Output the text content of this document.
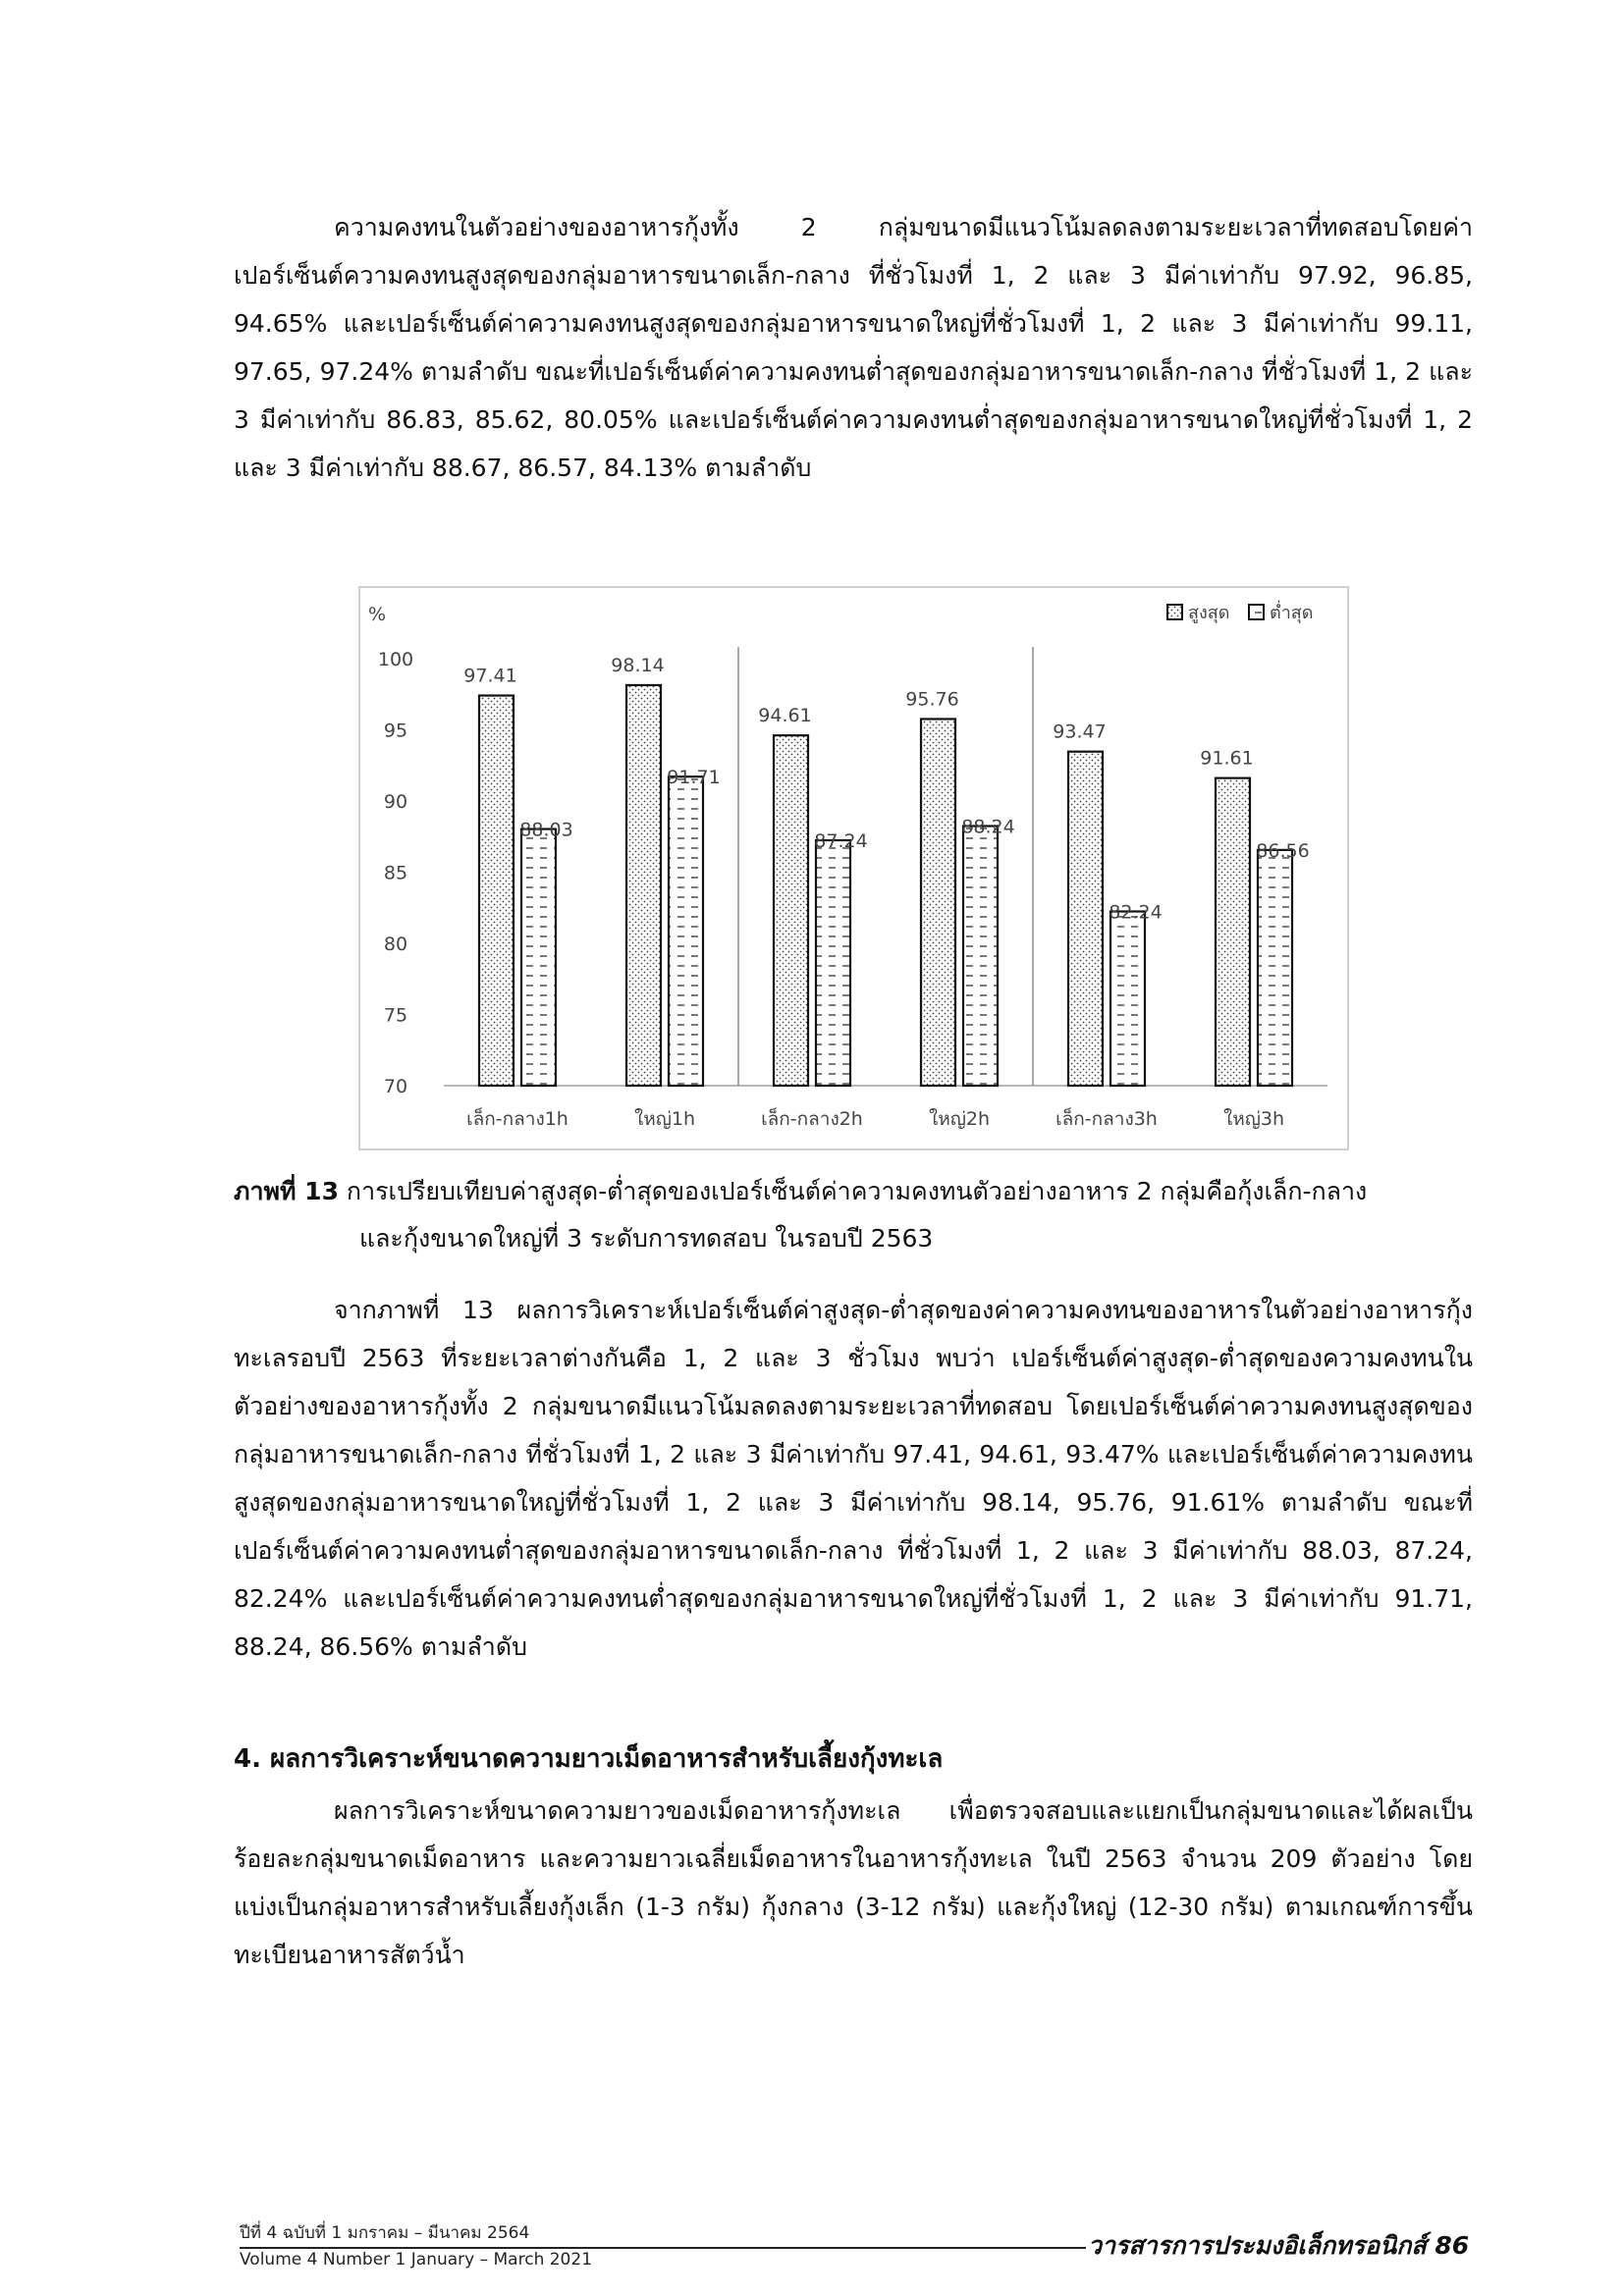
ความคงทนในตัวอย่างของอาหารกุ้งทั้ง 2 กลุ่มขนาดมีแนวโน้มลดลงตามระยะเวลาที่ทดสอบโดยค่าเปอร์เซ็นต์ความคงทนสูงสุดของกลุ่มอาหารขนาดเล็ก-กลาง ที่ชั่วโมงที่ 1, 2 และ 3 มีค่าเท่ากับ 97.92, 96.85, 94.65% และเปอร์เซ็นต์ค่าความคงทนสูงสุดของกลุ่มอาหารขนาดใหญ่ที่ชั่วโมงที่ 1, 2 และ 3 มีค่าเท่ากับ 99.11, 97.65, 97.24% ตามลำดับ ขณะที่เปอร์เซ็นต์ค่าความคงทนต่ำสุดของกลุ่มอาหารขนาดเล็ก-กลาง ที่ชั่วโมงที่ 1, 2 และ 3 มีค่าเท่ากับ 86.83, 85.62, 80.05% และเปอร์เซ็นต์ค่าความคงทนต่ำสุดของกลุ่มอาหารขนาดใหญ่ที่ชั่วโมงที่ 1, 2 และ 3 มีค่าเท่ากับ 88.67, 86.57, 84.13% ตามลำดับ

%	สูงสุด ต่ำสุด
100
95
90
85
80
75
70
97.41
88.03
เล็ก-กลาง1h
98.14
91.71
ใหญ่1h
94.61
87.24
เล็ก-กลาง2h
95.76
88.24
ใหญ่2h
93.47
82.24
เล็ก-กลาง3h
91.61
86.56
ใหญ่3h

ภาพที่ 13 การเปรียบเทียบค่าสูงสุด-ต่ำสุดของเปอร์เซ็นต์ค่าความคงทนตัวอย่างอาหาร 2 กลุ่มคือกุ้งเล็ก-กลาง
และกุ้งขนาดใหญ่ที่ 3 ระดับการทดสอบ ในรอบปี 2563

จากภาพที่ 13 ผลการวิเคราะห์เปอร์เซ็นต์ค่าสูงสุด-ต่ำสุดของค่าความคงทนของอาหารในตัวอย่างอาหารกุ้งทะเลรอบปี 2563 ที่ระยะเวลาต่างกันคือ 1, 2 และ 3 ชั่วโมง พบว่า เปอร์เซ็นต์ค่าสูงสุด-ต่ำสุดของความคงทนในตัวอย่างของอาหารกุ้งทั้ง 2 กลุ่มขนาดมีแนวโน้มลดลงตามระยะเวลาที่ทดสอบ โดยเปอร์เซ็นต์ค่าความคงทนสูงสุดของกลุ่มอาหารขนาดเล็ก-กลาง ที่ชั่วโมงที่ 1, 2 และ 3 มีค่าเท่ากับ 97.41, 94.61, 93.47% และเปอร์เซ็นต์ค่าความคงทนสูงสุดของกลุ่มอาหารขนาดใหญ่ที่ชั่วโมงที่ 1, 2 และ 3 มีค่าเท่ากับ 98.14, 95.76, 91.61% ตามลำดับ ขณะที่เปอร์เซ็นต์ค่าความคงทนต่ำสุดของกลุ่มอาหารขนาดเล็ก-กลาง ที่ชั่วโมงที่ 1, 2 และ 3 มีค่าเท่ากับ 88.03, 87.24, 82.24% และเปอร์เซ็นต์ค่าความคงทนต่ำสุดของกลุ่มอาหารขนาดใหญ่ที่ชั่วโมงที่ 1, 2 และ 3 มีค่าเท่ากับ 91.71, 88.24, 86.56% ตามลำดับ

4. ผลการวิเคราะห์ขนาดความยาวเม็ดอาหารสำหรับเลี้ยงกุ้งทะเล

ผลการวิเคราะห์ขนาดความยาวของเม็ดอาหารกุ้งทะเล เพื่อตรวจสอบและแยกเป็นกลุ่มขนาดและได้ผลเป็นร้อยละกลุ่มขนาดเม็ดอาหาร และความยาวเฉลี่ยเม็ดอาหารในอาหารกุ้งทะเล ในปี 2563 จำนวน 209 ตัวอย่าง โดยแบ่งเป็นกลุ่มอาหารสำหรับเลี้ยงกุ้งเล็ก (1-3 กรัม) กุ้งกลาง (3-12 กรัม) และกุ้งใหญ่ (12-30 กรัม) ตามเกณฑ์การขึ้นทะเบียนอาหารสัตว์น้ำ

ปีที่ 4 ฉบับที่ 1 มกราคม – มีนาคม 2564
Volume 4 Number 1 January – March 2021	วารสารการประมงอิเล็กทรอนิกส์ 86
